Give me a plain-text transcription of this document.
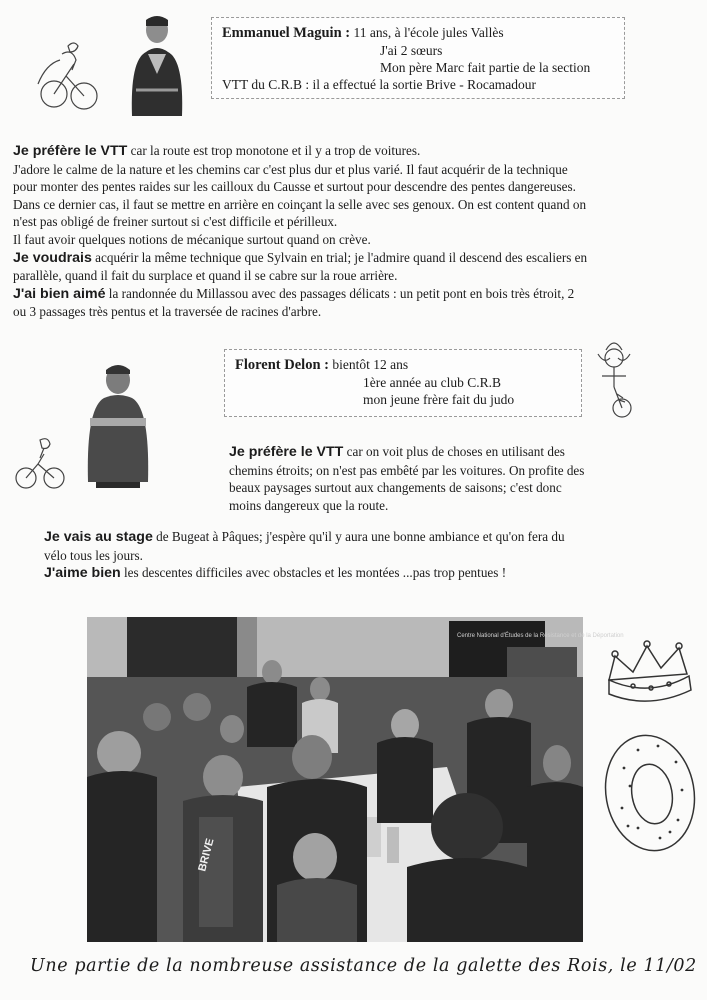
Emmanuel Maguin : 11 ans, à l'école jules Vallès
J'ai 2 sœurs
Mon père Marc fait partie de la section
VTT du C.R.B : il a effectué la sortie Brive - Rocamadour
Je préfère le VTT car la route est trop monotone et il y a trop de voitures.
J'adore le calme de la nature et les chemins car c'est plus dur et plus varié. Il faut acquérir de la technique
pour monter des pentes raides sur les cailloux du Causse et surtout pour descendre des pentes dangereuses.
Dans ce dernier cas, il faut se mettre en arrière en coinçant la selle avec ses genoux. On est content quand on
n'est pas obligé de freiner surtout si c'est difficile et périlleux.
Il faut avoir quelques notions de mécanique surtout quand on crève.
Je voudrais acquérir la même technique que Sylvain en trial; je l'admire quand il descend des escaliers en
parallèle, quand il fait du surplace et quand il se cabre sur la roue arrière.
J'ai bien aimé la randonnée du Millassou avec des passages délicats : un petit pont en bois très étroit, 2
ou 3 passages très pentus et la traversée de racines d'arbre.
Florent Delon : bientôt 12 ans
1ère année au club C.R.B
mon jeune frère fait du judo
Je préfère le VTT car on voit plus de choses en utilisant des
chemins étroits; on n'est pas embêté par les voitures. On profite des
beaux paysages surtout aux changements de saisons; c'est donc
moins dangereux que la route.
Je vais au stage de Bugeat à Pâques; j'espère qu'il y aura une bonne ambiance et qu'on fera du
vélo tous les jours.
J'aime bien les descentes difficiles avec obstacles et les montées ...pas trop pentues !
Centre National d'Études de la Résistance et de la Déportation
BRIVE
Une partie de la nombreuse assistance de la galette des Rois, le 11/02
